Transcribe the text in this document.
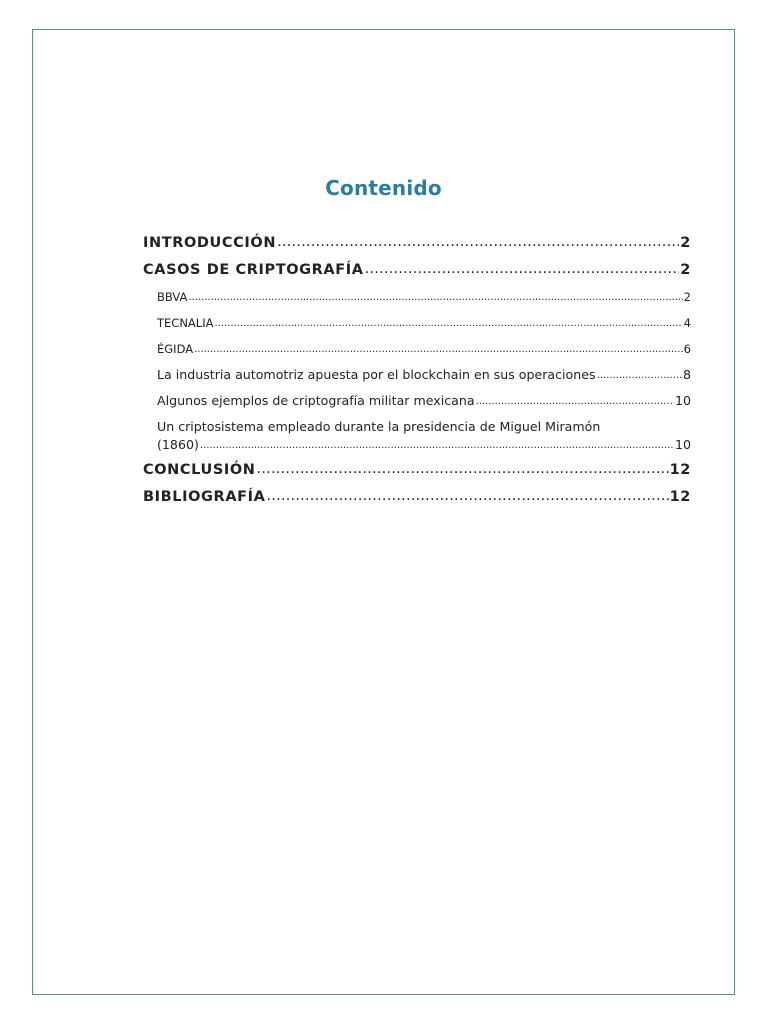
Contenido
INTRODUCCIÓN .....	2
CASOS DE CRIPTOGRAFÍA .....	2
BBVA .....	2
TECNALIA .....	4
ÉGIDA .....	6
La industria automotriz apuesta por el blockchain en sus operaciones .....	8
Algunos ejemplos de criptografía militar mexicana .....	10
Un criptosistema empleado durante la presidencia de Miguel Miramón
(1860) .....	10
CONCLUSIÓN .....	12
BIBLIOGRAFÍA .....	12
